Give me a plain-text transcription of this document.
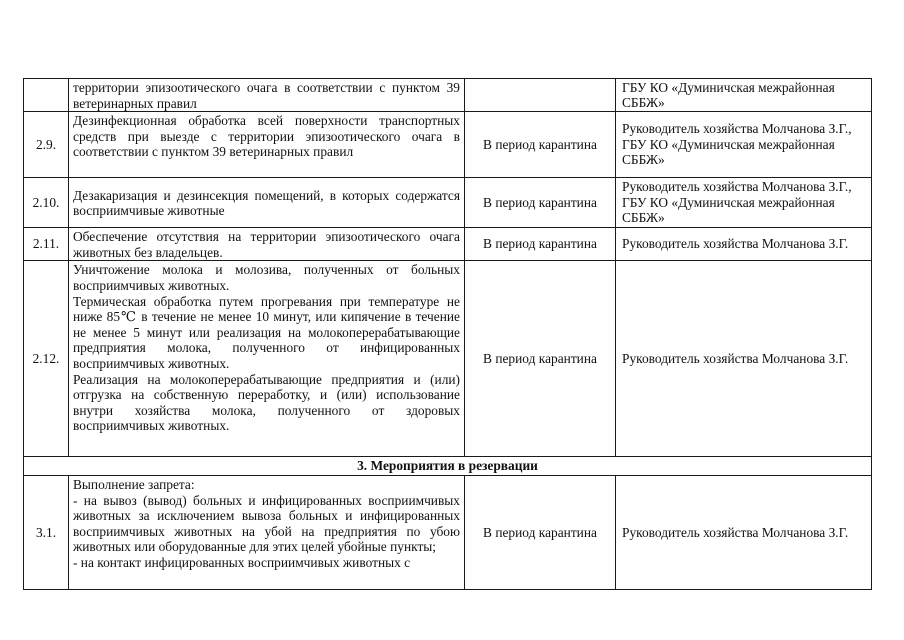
	территории эпизоотического очага в соответствии с пунктом 39 ветеринарных правил		ГБУ КО «Думиничская межрайонная СББЖ»
2.9.	Дезинфекционная обработка всей поверхности транспортных средств при выезде с территории эпизоотического очага в соответствии с пунктом 39 ветеринарных правил	В период карантина	Руководитель хозяйства Молчанова З.Г., ГБУ КО «Думиничская межрайонная СББЖ»
2.10.	Дезакаризация и дезинсекция помещений, в которых содержатся восприимчивые животные	В период карантина	Руководитель хозяйства Молчанова З.Г., ГБУ КО «Думиничская межрайонная СББЖ»
2.11.	Обеспечение отсутствия на территории эпизоотического очага животных без владельцев.	В период карантина	Руководитель хозяйства Молчанова З.Г.
2.12.	Уничтожение молока и молозива, полученных от больных восприимчивых животных.

Термическая обработка путем прогревания при температуре не ниже 85℃ в течение не менее 10 минут, или кипячение в течение не менее 5 минут или реализация на молокоперерабатывающие предприятия молока, полученного от инфицированных восприимчивых животных.

Реализация на молокоперерабатывающие предприятия и (или) отгрузка на собственную переработку, и (или) использование внутри хозяйства молока, полученного от здоровых восприимчивых животных.	В период карантина	Руководитель хозяйства Молчанова З.Г.
3. Мероприятия в резервации			
3.1.	Выполнение запрета:

- на вывоз (вывод) больных и инфицированных восприимчивых животных за исключением вывоза больных и инфицированных восприимчивых животных на убой на предприятия по убою животных или оборудованные для этих целей убойные пункты;

- на контакт инфицированных восприимчивых животных с	В период карантина	Руководитель хозяйства Молчанова З.Г.
